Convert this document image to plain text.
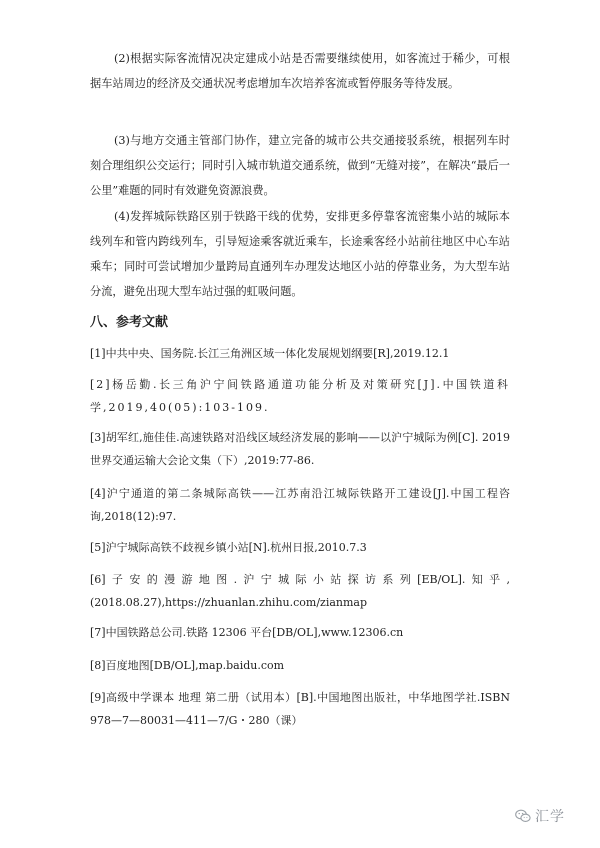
(2)根据实际客流情况决定建成小站是否需要继续使用，如客流过于稀少，可根据车站周边的经济及交通状况考虑增加车次培养客流或暂停服务等待发展。

(3)与地方交通主管部门协作，建立完备的城市公共交通接驳系统，根据列车时刻合理组织公交运行；同时引入城市轨道交通系统，做到“无缝对接”，在解决“最后一公里”难题的同时有效避免资源浪费。

(4)发挥城际铁路区别于铁路干线的优势，安排更多停靠客流密集小站的城际本线列车和管内跨线列车，引导短途乘客就近乘车，长途乘客经小站前往地区中心车站乘车；同时可尝试增加少量跨局直通列车办理发达地区小站的停靠业务，为大型车站分流，避免出现大型车站过强的虹吸问题。

八、参考文献

[1]中共中央、国务院.长江三角洲区域一体化发展规划纲要[R],2019.12.1

[2]杨岳勤.长三角沪宁间铁路通道功能分析及对策研究[J].中国铁道科学,2019,40(05):103-109.

[3]胡军红,施佳佳.高速铁路对沿线区域经济发展的影响——以沪宁城际为例[C]. 2019 世界交通运输大会论文集（下）,2019:77-86.

[4]沪宁通道的第二条城际高铁——江苏南沿江城际铁路开工建设[J].中国工程咨询,2018(12):97.

[5]沪宁城际高铁不歧视乡镇小站[N].杭州日报,2010.7.3

[6]子安的漫游地图.沪宁城际小站探访系列[EB/OL].知乎,(2018.08.27),https://zhuanlan.zhihu.com/zianmap

[7]中国铁路总公司.铁路 12306 平台[DB/OL],www.12306.cn

[8]百度地图[DB/OL],map.baidu.com

[9]高级中学课本 地理 第二册（试用本）[B].中国地图出版社，中华地图学社.ISBN 978—7—80031—411—7/G・280（课）

汇学
